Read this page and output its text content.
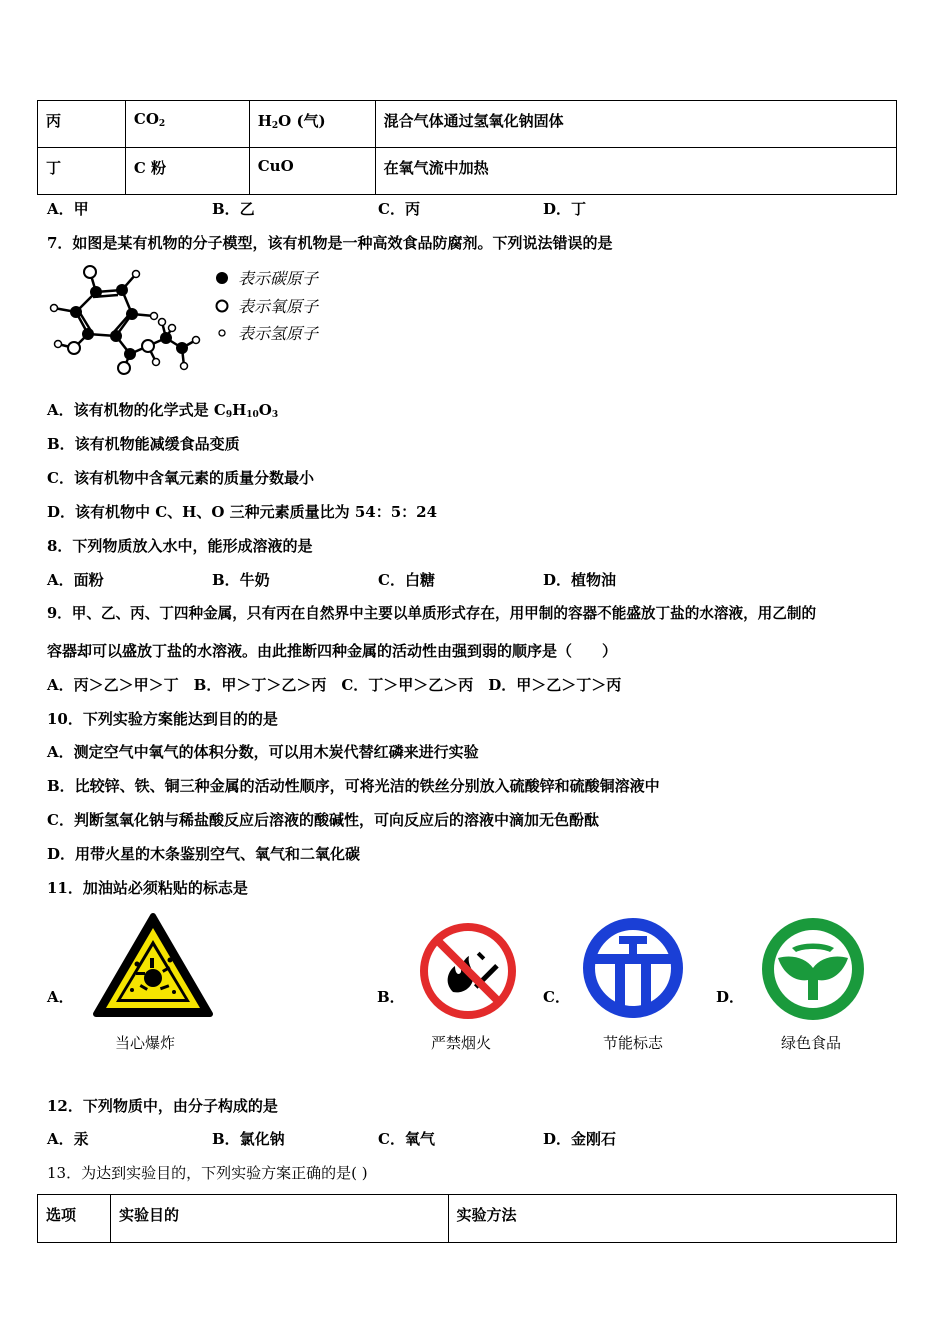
丙	$CO_2$	$H_2O$ (气)	混合气体通过氢氧化钠固体
丁	C 粉	CuO	在氧气流中加热
A．甲	B．乙	C．丙	D．丁
7．如图是某有机物的分子模型，该有机物是一种高效食品防腐剂。下列说法错误的是
表示碳原子
表示氧原子
表示氢原子
A．该有机物的化学式是 $C_9H_{10}O_3$
B．该有机物能减缓食品变质
C．该有机物中含氧元素的质量分数最小
D．该有机物中 C、H、O 三种元素质量比为 54：5：24
8．下列物质放入水中，能形成溶液的是
A．面粉	B．牛奶	C．白糖	D．植物油
9．甲、乙、丙、丁四种金属，只有丙在自然界中主要以单质形式存在，用甲制的容器不能盛放丁盐的水溶液，用乙制的
容器却可以盛放丁盐的水溶液。由此推断四种金属的活动性由强到弱的顺序是（　　）
A．丙＞乙＞甲＞丁　B．甲＞丁＞乙＞丙　C．丁＞甲＞乙＞丙　D．甲＞乙＞丁＞丙
10．下列实验方案能达到目的的是
A．测定空气中氧气的体积分数，可以用木炭代替红磷来进行实验
B．比较锌、铁、铜三种金属的活动性顺序，可将光洁的铁丝分别放入硫酸锌和硫酸铜溶液中
C．判断氢氧化钠与稀盐酸反应后溶液的酸碱性，可向反应后的溶液中滴加无色酚酞
D．用带火星的木条鉴别空气、氧气和二氧化碳
11．加油站必须粘贴的标志是
A．
当心爆炸
B．
严禁烟火
C．
节能标志
D．
绿色食品
12．下列物质中，由分子构成的是
A．汞	B．氯化钠	C．氧气	D．金刚石
13．为达到实验目的，下列实验方案正确的是( )
选项	实验目的	实验方法
